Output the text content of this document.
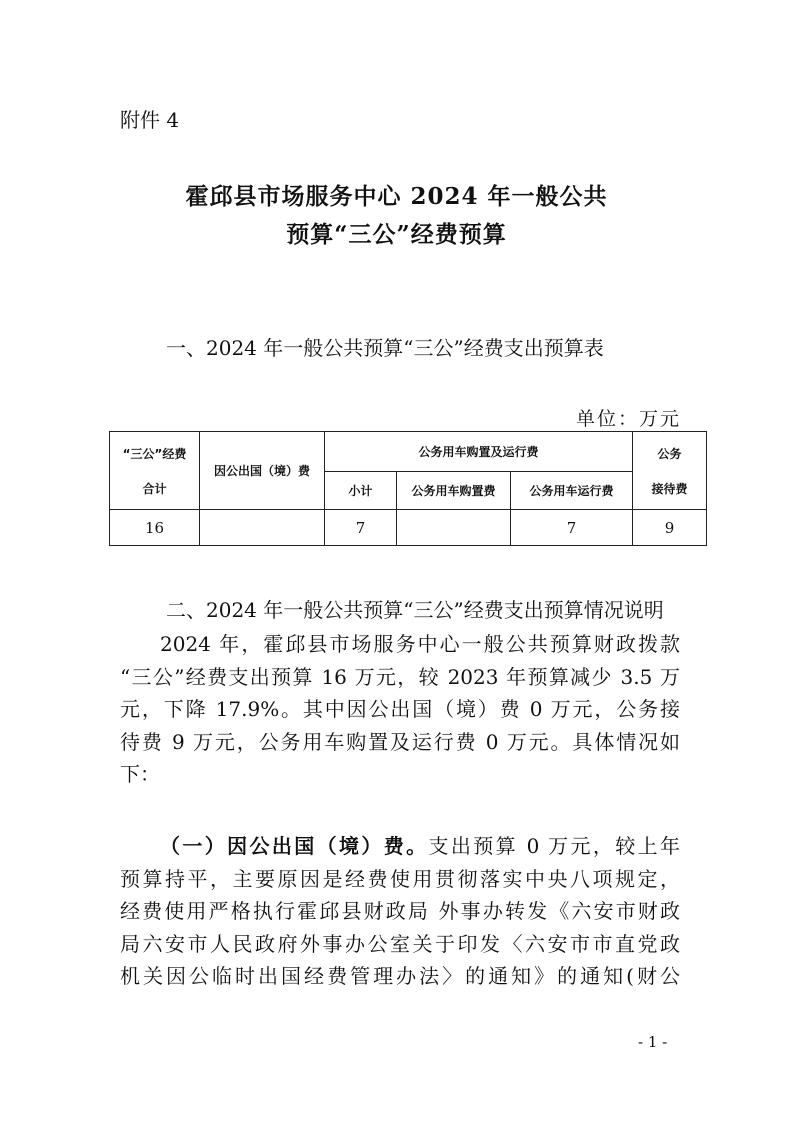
附件 4
霍邱县市场服务中心 2024 年一般公共
预算“三公”经费预算
一、2024 年一般公共预算“三公”经费支出预算表
单位：万元
“三公”经费
合计	因公出国（境）费	公务用车购置及运行费			公务
接待费

		小计	公务用车购置费	公务用车运行费	
16		7		7	9
二、2024 年一般公共预算“三公”经费支出预算情况说明
2024 年，霍邱县市场服务中心一般公共预算财政拨款
“三公”经费支出预算 16 万元，较 2023 年预算减少 3.5 万
元，下降 17.9%。其中因公出国（境）费 0 万元，公务接
待费 9 万元，公务用车购置及运行费 0 万元。具体情况如
下：
（一）因公出国（境）费。支出预算 0 万元，较上年
预算持平，主要原因是经费使用贯彻落实中央八项规定，
经费使用严格执行霍邱县财政局 外事办转发《六安市财政
局六安市人民政府外事办公室关于印发〈六安市市直党政
机关因公临时出国经费管理办法〉的通知》的通知(财公
- 1 -
